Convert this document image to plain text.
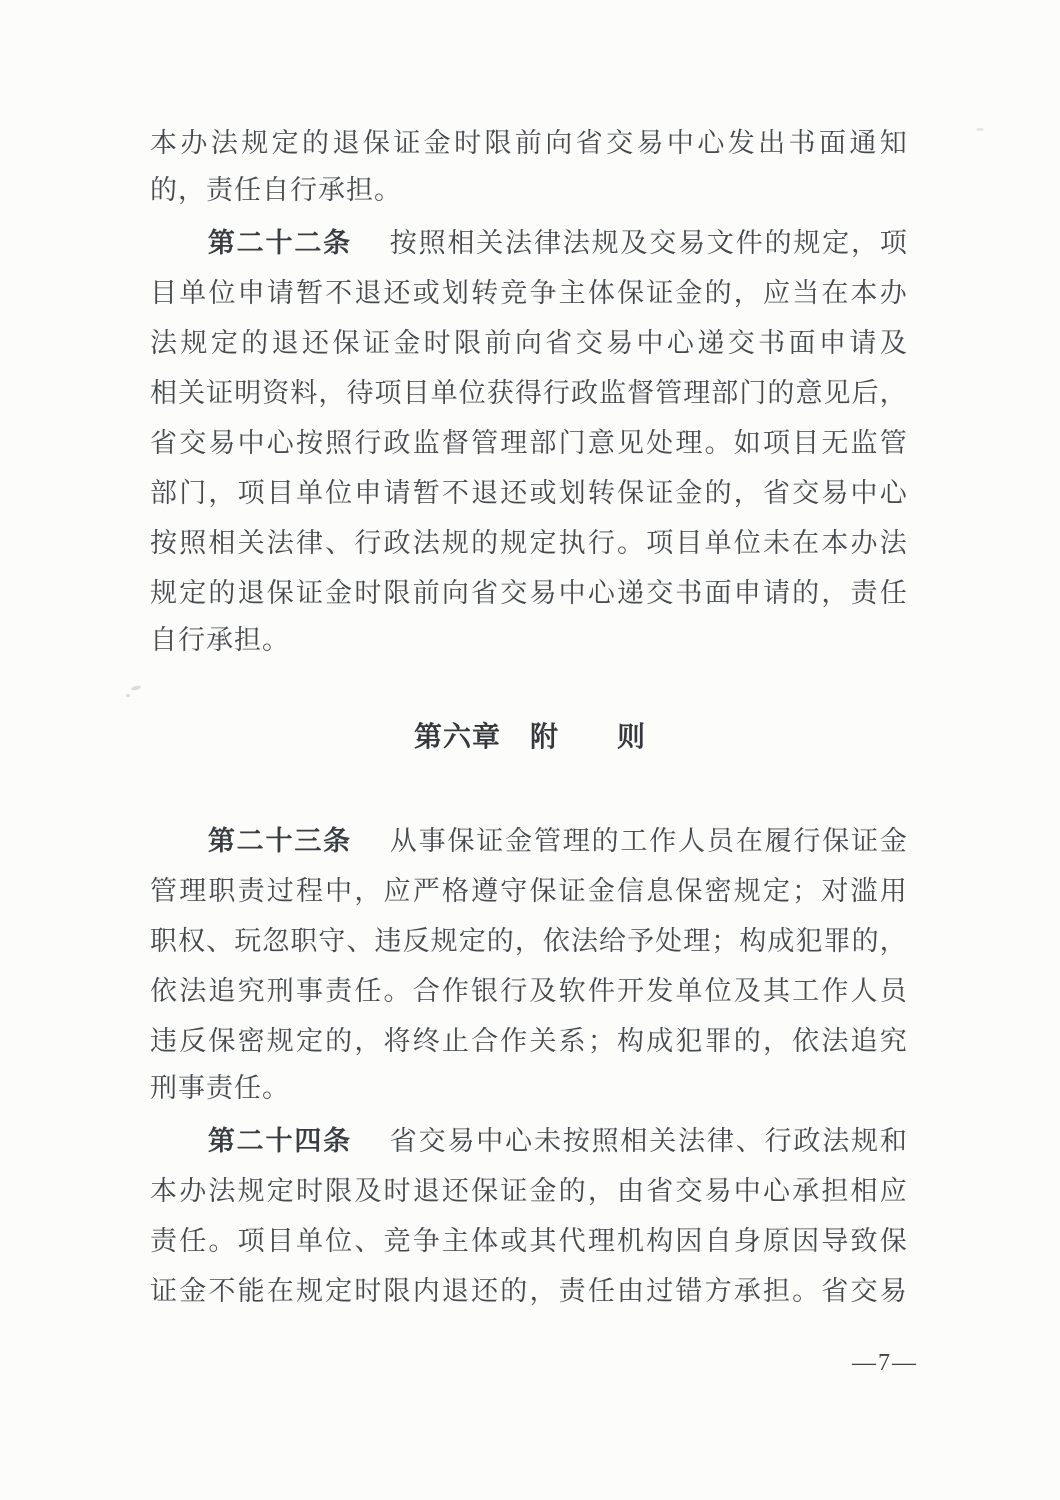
本 办 法 规 定 的 退 保 证 金 时 限 前 向 省 交 易 中 心 发 出 书 面 通 知
的，责任自行承担。
第 二 十 二 条 按 照 相 关 法 律 法 规 及 交 易 文 件 的 规 定 ， 项
目 单 位 申 请 暂 不 退 还 或 划 转 竞 争 主 体 保 证 金 的 ， 应 当 在 本 办
法 规 定 的 退 还 保 证 金 时 限 前 向 省 交 易 中 心 递 交 书 面 申 请 及
相 关 证 明 资 料 ， 待 项 目 单 位 获 得 行 政 监 督 管 理 部 门 的 意 见 后 ，
省 交 易 中 心 按 照 行 政 监 督 管 理 部 门 意 见 处 理 。 如 项 目 无 监 管
部 门 ， 项 目 单 位 申 请 暂 不 退 还 或 划 转 保 证 金 的 ， 省 交 易 中 心
按 照 相 关 法 律 、 行 政 法 规 的 规 定 执 行 。 项 目 单 位 未 在 本 办 法
规 定 的 退 保 证 金 时 限 前 向 省 交 易 中 心 递 交 书 面 申 请 的 ， 责 任
自行承担。
第六章　附　　则
第 二 十 三 条 从 事 保 证 金 管 理 的 工 作 人 员 在 履 行 保 证 金
管 理 职 责 过 程 中 ， 应 严 格 遵 守 保 证 金 信 息 保 密 规 定 ； 对 滥 用
职 权 、 玩 忽 职 守 、 违 反 规 定 的 ， 依 法 给 予 处 理 ； 构 成 犯 罪 的 ，
依 法 追 究 刑 事 责 任 。 合 作 银 行 及 软 件 开 发 单 位 及 其 工 作 人 员
违 反 保 密 规 定 的 ， 将 终 止 合 作 关 系 ； 构 成 犯 罪 的 ， 依 法 追 究
刑事责任。
第 二 十 四 条 省 交 易 中 心 未 按 照 相 关 法 律 、 行 政 法 规 和
本 办 法 规 定 时 限 及 时 退 还 保 证 金 的 ， 由 省 交 易 中 心 承 担 相 应
责 任 。 项 目 单 位 、 竞 争 主 体 或 其 代 理 机 构 因 自 身 原 因 导 致 保
证 金 不 能 在 规 定 时 限 内 退 还 的 ， 责 任 由 过 错 方 承 担 。 省 交 易
—7—
